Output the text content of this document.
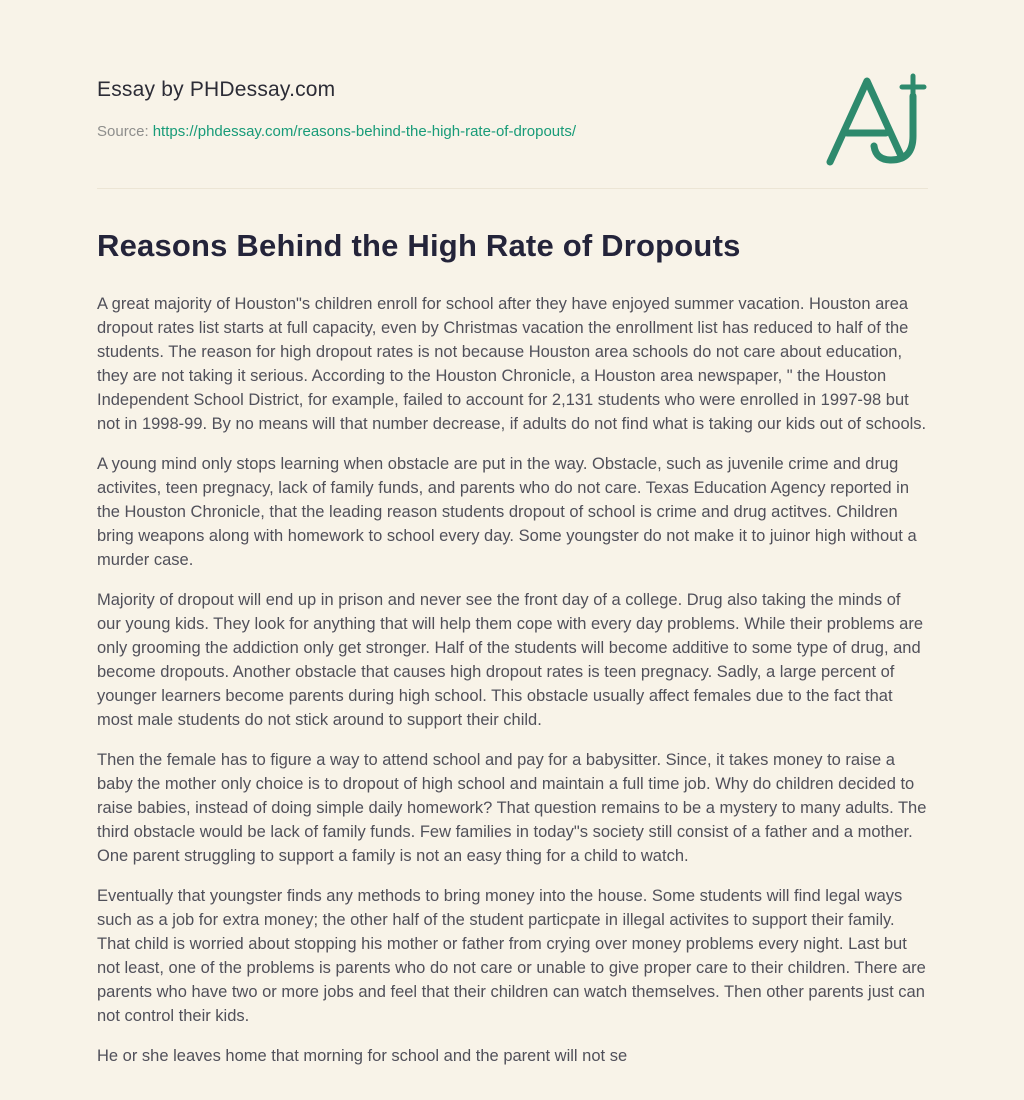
Essay by PHDessay.com
Source: https://phdessay.com/reasons-behind-the-high-rate-of-dropouts/
Reasons Behind the High Rate of Dropouts

A great majority of Houston"s children enroll for school after they have enjoyed summer vacation. Houston area dropout rates list starts at full capacity, even by Christmas vacation the enrollment list has reduced to half of the students. The reason for high dropout rates is not because Houston area schools do not care about education, they are not taking it serious. According to the Houston Chronicle, a Houston area newspaper, " the Houston Independent School District, for example, failed to account for 2,131 students who were enrolled in 1997-98 but not in 1998-99. By no means will that number decrease, if adults do not find what is taking our kids out of schools.

A young mind only stops learning when obstacle are put in the way. Obstacle, such as juvenile crime and drug activites, teen pregnacy, lack of family funds, and parents who do not care. Texas Education Agency reported in the Houston Chronicle, that the leading reason students dropout of school is crime and drug actitves. Children bring weapons along with homework to school every day. Some youngster do not make it to juinor high without a murder case.

Majority of dropout will end up in prison and never see the front day of a college. Drug also taking the minds of our young kids. They look for anything that will help them cope with every day problems. While their problems are only grooming the addiction only get stronger. Half of the students will become additive to some type of drug, and become dropouts. Another obstacle that causes high dropout rates is teen pregnacy. Sadly, a large percent of younger learners become parents during high school. This obstacle usually affect females due to the fact that most male students do not stick around to support their child.

Then the female has to figure a way to attend school and pay for a babysitter. Since, it takes money to raise a baby the mother only choice is to dropout of high school and maintain a full time job. Why do children decided to raise babies, instead of doing simple daily homework? That question remains to be a mystery to many adults. The third obstacle would be lack of family funds. Few families in today"s society still consist of a father and a mother. One parent struggling to support a family is not an easy thing for a child to watch.

Eventually that youngster finds any methods to bring money into the house. Some students will find legal ways such as a job for extra money; the other half of the student particpate in illegal activites to support their family. That child is worried about stopping his mother or father from crying over money problems every night. Last but not least, one of the problems is parents who do not care or unable to give proper care to their children. There are parents who have two or more jobs and feel that their children can watch themselves. Then other parents just can not control their kids.

He or she leaves home that morning for school and the parent will not se
